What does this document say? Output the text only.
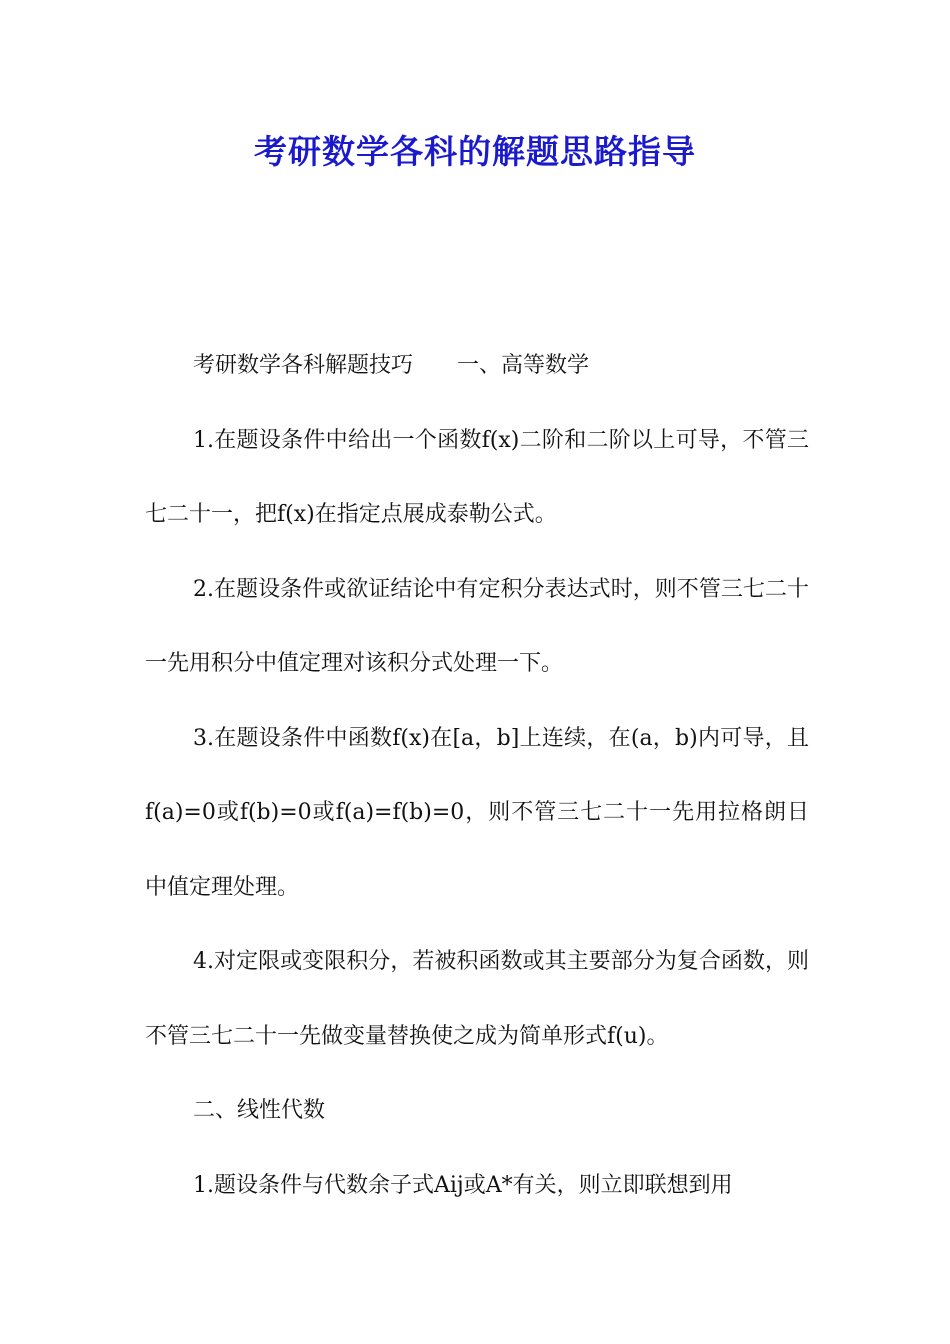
考研数学各科的解题思路指导

考研数学各科解题技巧 一、高等数学

1.在题设条件中给出一个函数f(x)二阶和二阶以上可导，不管三七二十一，把f(x)在指定点展成泰勒公式。

2.在题设条件或欲证结论中有定积分表达式时，则不管三七二十一先用积分中值定理对该积分式处理一下。

3.在题设条件中函数f(x)在[a，b]上连续，在(a，b)内可导，且f(a)=0或f(b)=0或f(a)=f(b)=0，则不管三七二十一先用拉格朗日中值定理处理。

4.对定限或变限积分，若被积函数或其主要部分为复合函数，则不管三七二十一先做变量替换使之成为简单形式f(u)。

二、线性代数

1.题设条件与代数余子式Aij或A*有关，则立即联想到用
